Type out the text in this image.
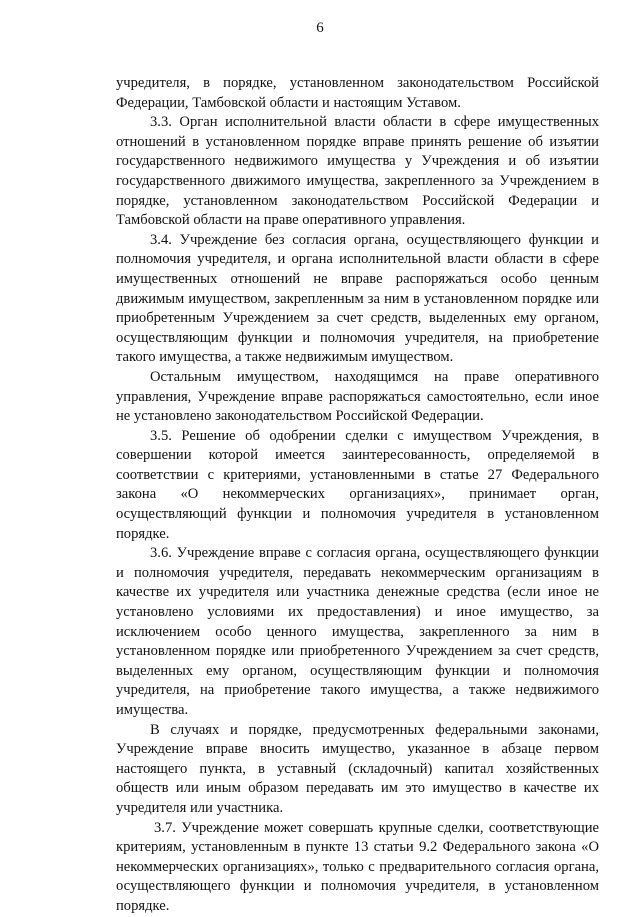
6

учредителя, в порядке, установленном законодательством Российской Федерации, Тамбовской области и настоящим Уставом.

3.3. Орган исполнительной власти области в сфере имущественных отношений в установленном порядке вправе принять решение об изъятии государственного недвижимого имущества у Учреждения и об изъятии государственного движимого имущества, закрепленного за Учреждением в порядке, установленном законодательством Российской Федерации и Тамбовской области на праве оперативного управления.

3.4. Учреждение без согласия органа, осуществляющего функции и полномочия учредителя, и органа исполнительной власти области в сфере имущественных отношений не вправе распоряжаться особо ценным движимым имуществом, закрепленным за ним в установленном порядке или приобретенным Учреждением за счет средств, выделенных ему органом, осуществляющим функции и полномочия учредителя, на приобретение такого имущества, а также недвижимым имуществом.

Остальным имуществом, находящимся на праве оперативного управления, Учреждение вправе распоряжаться самостоятельно, если иное не установлено законодательством Российской Федерации.

3.5. Решение об одобрении сделки с имуществом Учреждения, в совершении которой имеется заинтересованность, определяемой в соответствии с критериями, установленными в статье 27 Федерального закона «О некоммерческих организациях», принимает орган, осуществляющий функции и полномочия учредителя в установленном порядке.

3.6. Учреждение вправе с согласия органа, осуществляющего функции и полномочия учредителя, передавать некоммерческим организациям в качестве их учредителя или участника денежные средства (если иное не установлено условиями их предоставления) и иное имущество, за исключением особо ценного имущества, закрепленного за ним в установленном порядке или приобретенного Учреждением за счет средств, выделенных ему органом, осуществляющим функции и полномочия учредителя, на приобретение такого имущества, а также недвижимого имущества.

В случаях и порядке, предусмотренных федеральными законами, Учреждение вправе вносить имущество, указанное в абзаце первом настоящего пункта, в уставный (складочный) капитал хозяйственных обществ или иным образом передавать им это имущество в качестве их учредителя или участника.

3.7. Учреждение может совершать крупные сделки, соответствующие критериям, установленным в пункте 13 статьи 9.2 Федерального закона «О некоммерческих организациях», только с предварительного согласия органа, осуществляющего функции и полномочия учредителя, в установленном порядке.
